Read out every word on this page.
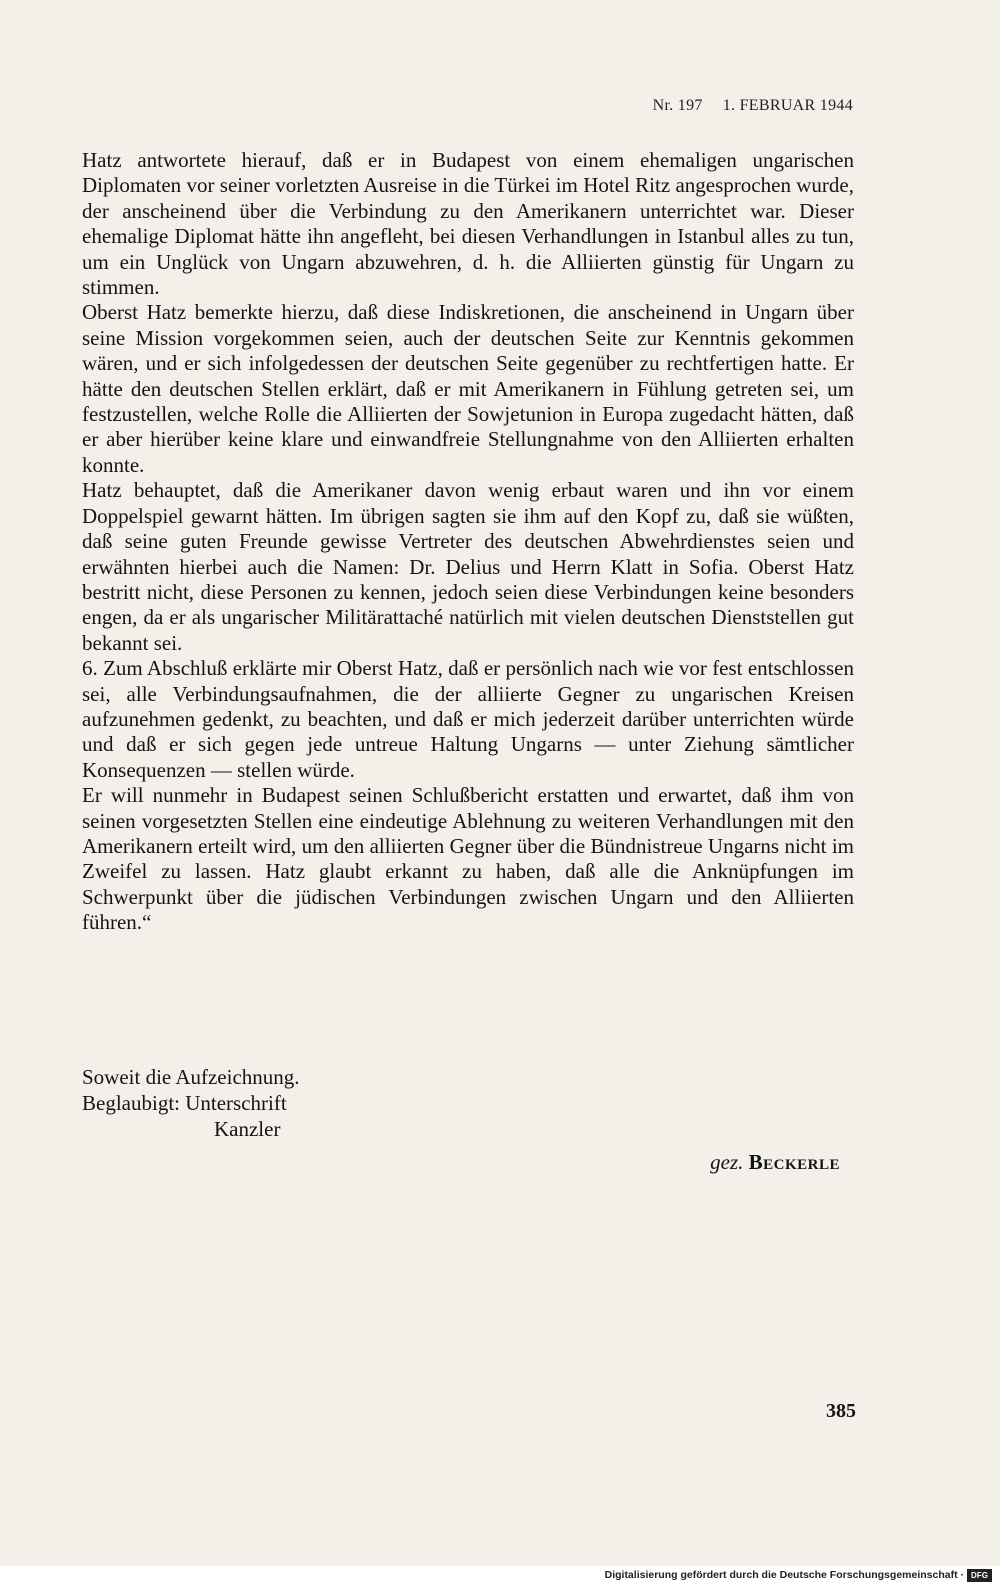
Nr. 197 1. FEBRUAR 1944

Hatz antwortete hierauf, daß er in Budapest von einem ehemaligen ungarischen Diplomaten vor seiner vorletzten Ausreise in die Türkei im Hotel Ritz angesprochen wurde, der anscheinend über die Verbindung zu den Amerikanern unterrichtet war. Dieser ehemalige Diplomat hätte ihn angefleht, bei diesen Verhandlungen in Istanbul alles zu tun, um ein Unglück von Ungarn abzuwehren, d. h. die Alliierten günstig für Ungarn zu stimmen.

Oberst Hatz bemerkte hierzu, daß diese Indiskretionen, die anscheinend in Ungarn über seine Mission vorgekommen seien, auch der deutschen Seite zur Kenntnis gekommen wären, und er sich infolgedessen der deutschen Seite gegenüber zu rechtfertigen hatte. Er hätte den deutschen Stellen erklärt, daß er mit Amerikanern in Fühlung getreten sei, um festzustellen, welche Rolle die Alliierten der Sowjetunion in Europa zugedacht hätten, daß er aber hierüber keine klare und einwandfreie Stellungnahme von den Alliierten erhalten konnte.

Hatz behauptet, daß die Amerikaner davon wenig erbaut waren und ihn vor einem Doppelspiel gewarnt hätten. Im übrigen sagten sie ihm auf den Kopf zu, daß sie wüßten, daß seine guten Freunde gewisse Vertreter des deutschen Abwehrdienstes seien und erwähnten hierbei auch die Namen: Dr. Delius und Herrn Klatt in Sofia. Oberst Hatz bestritt nicht, diese Personen zu kennen, jedoch seien diese Verbindungen keine besonders engen, da er als ungarischer Militärattaché natürlich mit vielen deutschen Dienststellen gut bekannt sei.

6. Zum Abschluß erklärte mir Oberst Hatz, daß er persönlich nach wie vor fest entschlossen sei, alle Verbindungsaufnahmen, die der alliierte Gegner zu ungarischen Kreisen aufzunehmen gedenkt, zu beachten, und daß er mich jederzeit darüber unterrichten würde und daß er sich gegen jede untreue Haltung Ungarns — unter Ziehung sämtlicher Konsequenzen — stellen würde.

Er will nunmehr in Budapest seinen Schlußbericht erstatten und erwartet, daß ihm von seinen vorgesetzten Stellen eine eindeutige Ablehnung zu weiteren Verhandlungen mit den Amerikanern erteilt wird, um den alliierten Gegner über die Bündnistreue Ungarns nicht im Zweifel zu lassen. Hatz glaubt erkannt zu haben, daß alle die Anknüpfungen im Schwerpunkt über die jüdischen Verbindungen zwischen Ungarn und den Alliierten führen.“

Soweit die Aufzeichnung.
Beglaubigt: Unterschrift
Kanzler
gez. Beckerle
385
Digitalisierung gefördert durch die Deutsche Forschungsgemeinschaft · DFG
